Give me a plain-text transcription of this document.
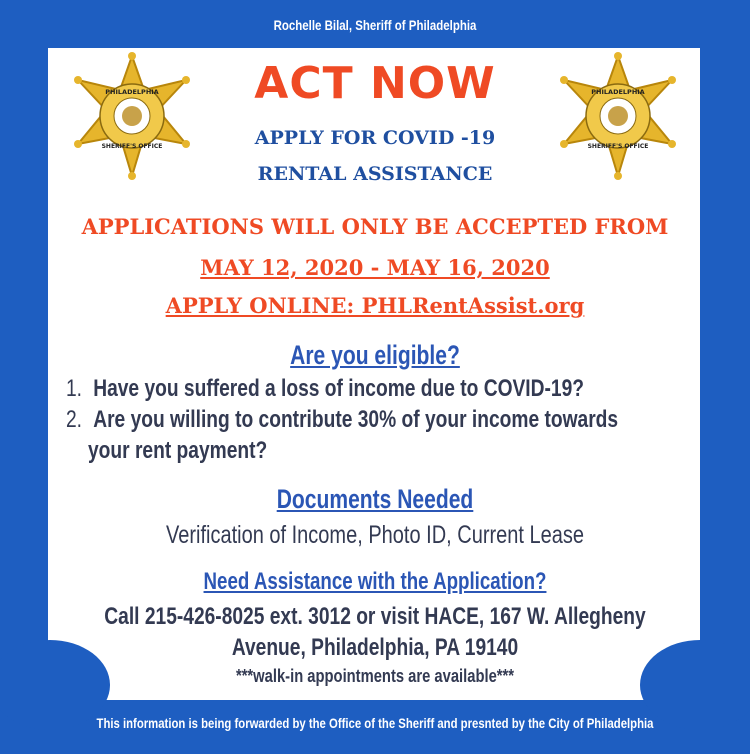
Rochelle Bilal, Sheriff of Philadelphia
PHILADELPHIA
SHERIFF'S OFFICE
PHILADELPHIA
SHERIFF'S OFFICE
ACT NOW
APPLY FOR COVID -19
RENTAL ASSISTANCE
APPLICATIONS WILL ONLY BE ACCEPTED FROM
MAY 12, 2020 - MAY 16, 2020
APPLY ONLINE: PHLRentAssist.org
Are you eligible?
1. Have you suffered a loss of income due to COVID-19?
2. Are you willing to contribute 30% of your income towards
your rent payment?
Documents Needed
Verification of Income, Photo ID, Current Lease
Need Assistance with the Application?
Call 215-426-8025 ext. 3012 or visit HACE, 167 W. Allegheny
Avenue, Philadelphia, PA 19140
***walk-in appointments are available***
This information is being forwarded by the Office of the Sheriff and presnted by the City of Philadelphia
